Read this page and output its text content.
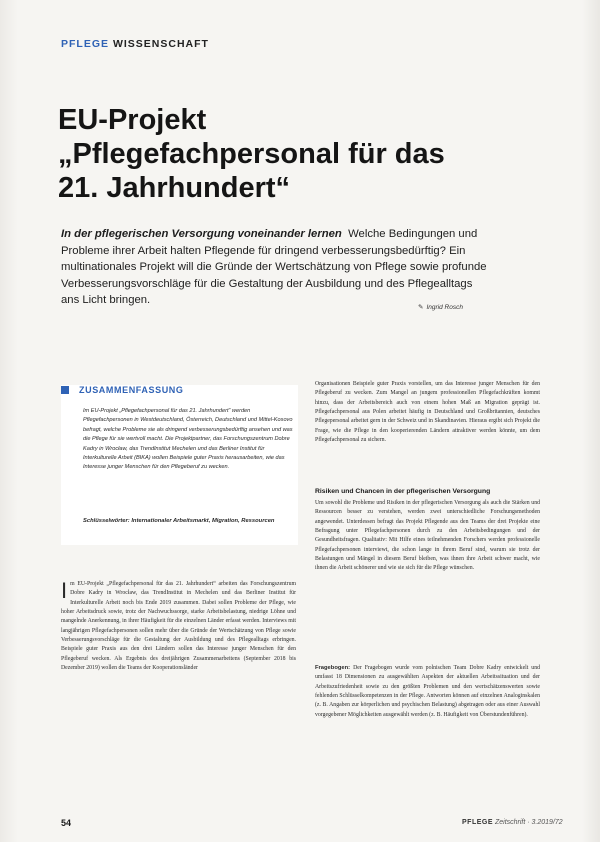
PFLEGE WISSENSCHAFT
EU-Projekt
„Pflegefachpersonal für das
21. Jahrhundert“
In der pflegerischen Versorgung voneinander lernen Welche Bedingungen und Probleme ihrer Arbeit halten Pflegende für dringend verbesserungsbedürftig? Ein multinationales Projekt will die Gründe der Wertschätzung von Pflege sowie profunde Verbesserungsvorschläge für die Gestaltung der Ausbildung und des Pflegealltags ans Licht bringen.
✎ Ingrid Rosch
ZUSAMMENFASSUNG
Im EU-Projekt „Pflegefachpersonal für das 21. Jahrhundert“ werden Pflegefachpersonen in Westdeutschland, Österreich, Deutschland und Mittel-Kosovo befragt, welche Probleme sie als dringend verbesserungsbedürftig ansehen und was die Pflege für sie wertvoll macht. Die Projektpartner, das Forschungszentrum Dobre Kadry in Wrocław, das Trendlnstitut Mechelen und das Berliner Institut für Interkulturelle Arbeit (BIKA) wollen Beispiele guter Praxis herausarbeiten, wie das Interesse junger Menschen für den Pflegeberuf zu wecken.
Schlüsselwörter: Internationaler Arbeitsmarkt, Migration, Ressourcen
Im EU-Projekt „Pflegefachpersonal für das 21. Jahrhundert“ arbeiten das Forschungszentrum Dobre Kadry in Wrocław, das TrendInstitut in Mechelen und das Berliner Institut für Interkulturelle Arbeit noch bis Ende 2019 zusammen. Dabei sollen Probleme der Pflege, wie hoher Arbeitsdruck sowie, trotz der Nachwuchssorge, starke Arbeitsbelastung, niedrige Löhne und mangelnde Anerkennung, in ihrer Häufigkeit für die einzelnen Länder erfasst werden. Interviews mit langjährigen Pflegefachpersonen sollen mehr über die Gründe der Wertschätzung von Pflege sowie Verbesserungsvorschläge für die Gestaltung der Ausbildung und des Pflegealltags erbringen. Beispiele guter Praxis aus den drei Ländern sollen das Interesse junger Menschen für den Pflegeberuf wecken. Als Ergebnis des dreijährigen Zusammenarbeitens (September 2018 bis Dezember 2019) wollen die Teams der Kooperationsländer
Organisationen Beispiele guter Praxis vorstellen, um das Interesse junger Menschen für den Pflegeberuf zu wecken. Zum Mangel an jungem professionellen Pflegefachkräften kommt hinzu, dass der Arbeitsbereich auch von einem hohen Maß an Migration geprägt ist. Pflegefachpersonal aus Polen arbeitet häufig in Deutschland und Großbritannien, deutsches Pflegepersonal arbeitet gern in der Schweiz und in Skandinavien. Hieraus ergibt sich Projekt die Frage, wie die Pflege in den kooperierenden Ländern attraktiver werden könnte, um dem Pflegefachpersonal zu sichern.
Risiken und Chancen in der pflegerischen Versorgung
Um sowohl die Probleme und Risiken in der pflegerischen Versorgung als auch die Stärken und Ressourcen besser zu verstehen, werden zwei unterschiedliche Forschungsmethoden angewendet. Unterdessen befragt das Projekt Pflegende aus den Teams der drei Projekte eine Befragung unter Pflegefachpersonen durch zu den Arbeitsbedingungen und der Gesundheitsfragen. Qualitativ: Mit Hilfe eines teilnehmenden Forschers werden professionelle Pflegefachpersonen interviewt, die schon lange in ihrem Beruf sind, warum sie trotz der Belastungen und Mängel in diesem Beruf bleiben, was ihnen ihre Arbeit schwer macht, wie ihnen die Arbeit schönerer und wie sie sich für die Pflege wünschen.
Fragebogen: Der Fragebogen wurde vom polnischen Team Dobre Kadry entwickelt und umfasst 18 Dimensionen zu ausgewählten Aspekten der aktuellen Arbeitssituation und der Arbeitszufriedenheit sowie zu den größten Problemen und den wertschätzenswerten sowie fehlenden Schlüsselkompetenzen in der Pflege. Antworten können auf einzelnen Analoginskalen (z. B. Angaben zur körperlichen und psychischen Belastung) abgetragen oder aus einer Auswahl vorgegebener Möglichkeiten ausgewählt werden (z. B. Häufigkeit von Überstundenführen).
54	PFLEGE Zeitschrift · 3.2019/72
